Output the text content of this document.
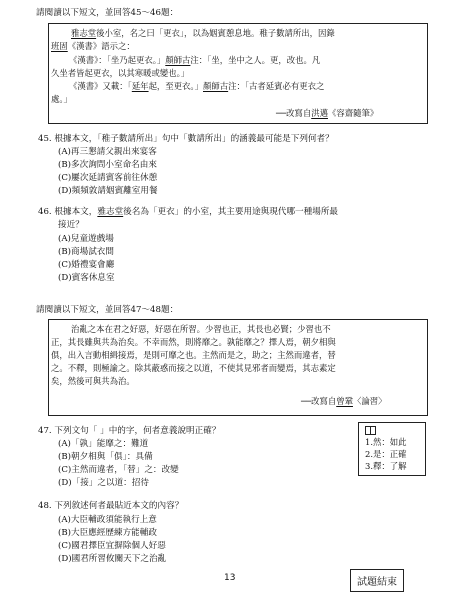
請閱讀以下短文，並回答45～46題：
雅志堂後小室，名之曰「更衣」，以為姻賓憩息地。稚子數請所出，因錄
班固《漢書》語示之：
《漢書》：「坐乃起更衣。」顏師古注：「坐，坐中之人。更，改也。凡
久坐者皆起更衣，以其寒暖或變也。」
《漢書》又載：「延年起，至更衣。」顏師古注：「古者延賓必有更衣之
處。」
──改寫自洪邁《容齋隨筆》
45. 根據本文，「稚子數請所出」句中「數請所出」的涵義最可能是下列何者？
(A)再三懇請父親出來宴客
(B)多次詢問小室命名由來
(C)屢次延請賓客前往休憩
(D)頻頻敦請姻賓離室用餐
46. 根據本文，雅志堂後名為「更衣」的小室，其主要用途與現代哪一種場所最
接近？
(A)兒童遊戲場
(B)商場試衣間
(C)婚禮宴會廳
(D)賓客休息室
請閱讀以下短文，並回答47～48題：
治亂之本在君之好惡，好惡在所習。少習也正，其長也必賢；少習也不
正，其長雖與共為治矣。不幸而然，則將靡之。孰能靡之？擇人焉，朝夕相與
俱，出入言動相緝接焉，是則可靡之也。主然而是之，助之；主然而違者，替
之。不釋，則極諭之。除其蔽惑而接之以道，不使其見邪者而變焉，其志素定
矣，然後可與共為治。
──改寫自曾鞏〈論習〉
47. 下列文句「 」中的字，何者意義說明正確？
(A)「孰」能靡之：難道
(B)朝夕相與「俱」：具備
(C)主然而違者，「替」之：改變
(D)「接」之以道：招待
1.然：如此
2.是：正確
3.釋：了解
48. 下列敘述何者最貼近本文的內容？
(A)大臣輔政須能執行上意
(B)大臣應經歷練方能輔政
(C)國君擇臣宜摒除個人好惡
(D)國君所習攸關天下之治亂
13	試題結束
